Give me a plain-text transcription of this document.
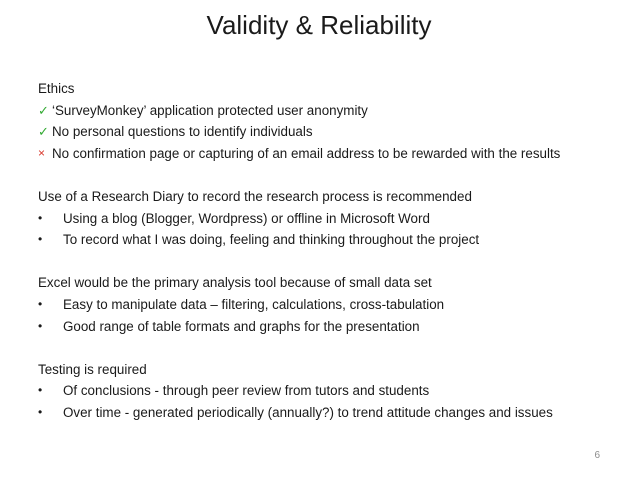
Validity & Reliability
Ethics
✓ ‘SurveyMonkey’ application protected user anonymity
✓ No personal questions to identify individuals
× No confirmation page or capturing of an email address to be rewarded with the results
Use of a Research Diary to record the research process is recommended
•	Using a blog (Blogger, Wordpress) or offline in Microsoft Word
•	To record what I was doing, feeling and thinking throughout the project
Excel would be the primary analysis tool because of small data set
•	Easy to manipulate data – filtering, calculations, cross-tabulation
•	Good range of table formats and graphs for the presentation
Testing is required
•	Of conclusions - through peer review from tutors and students
•	Over time - generated periodically (annually?) to trend attitude changes and issues
6
